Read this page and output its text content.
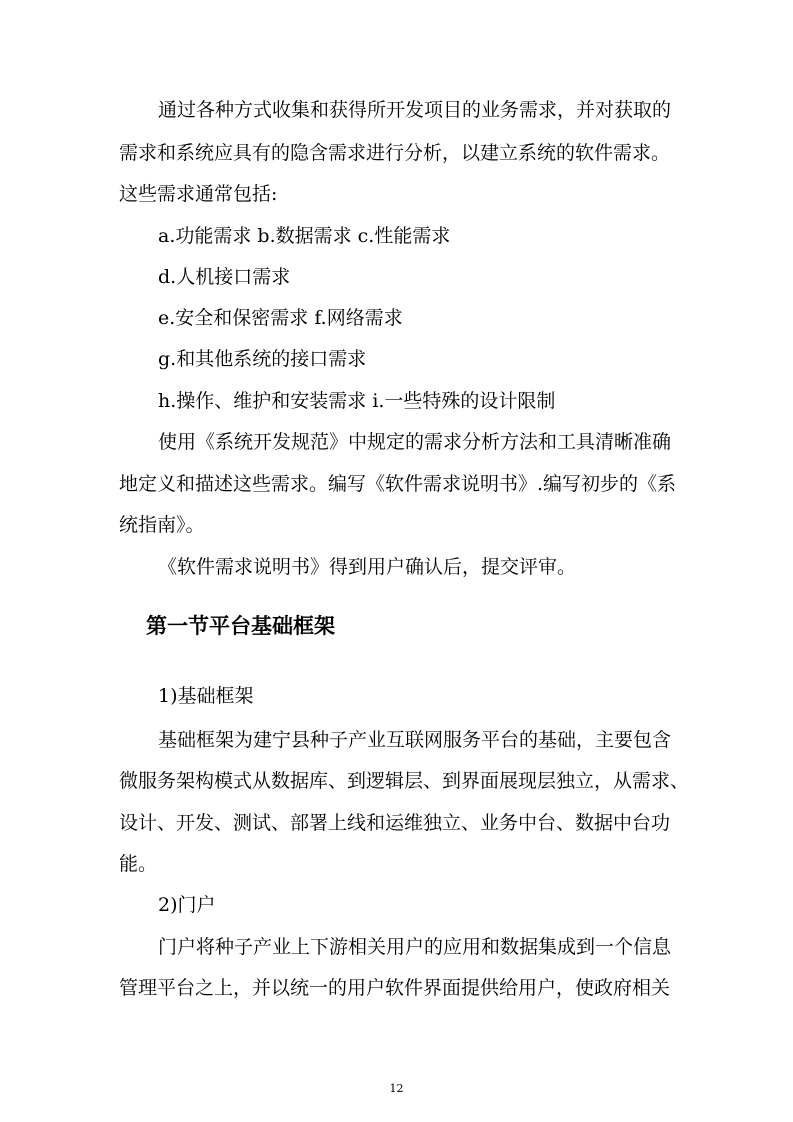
通过各种方式收集和获得所开发项目的业务需求，并对获取的
需求和系统应具有的隐含需求进行分析，以建立系统的软件需求。
这些需求通常包括:
a.功能需求 b.数据需求 c.性能需求
d.人机接口需求
e.安全和保密需求 f.网络需求
g.和其他系统的接口需求
h.操作、维护和安装需求 i.一些特殊的设计限制
使用《系统开发规范》中规定的需求分析方法和工具清晰准确
地定义和描述这些需求。编写《软件需求说明书》.编写初步的《系
统指南》。
《软件需求说明书》得到用户确认后，提交评审。
第一节平台基础框架
1)基础框架
基础框架为建宁县种子产业互联网服务平台的基础，主要包含
微服务架构模式从数据库、到逻辑层、到界面展现层独立，从需求、
设计、开发、测试、部署上线和运维独立、业务中台、数据中台功
能。
2)门户
门户将种子产业上下游相关用户的应用和数据集成到一个信息
管理平台之上，并以统一的用户软件界面提供给用户，使政府相关
12
